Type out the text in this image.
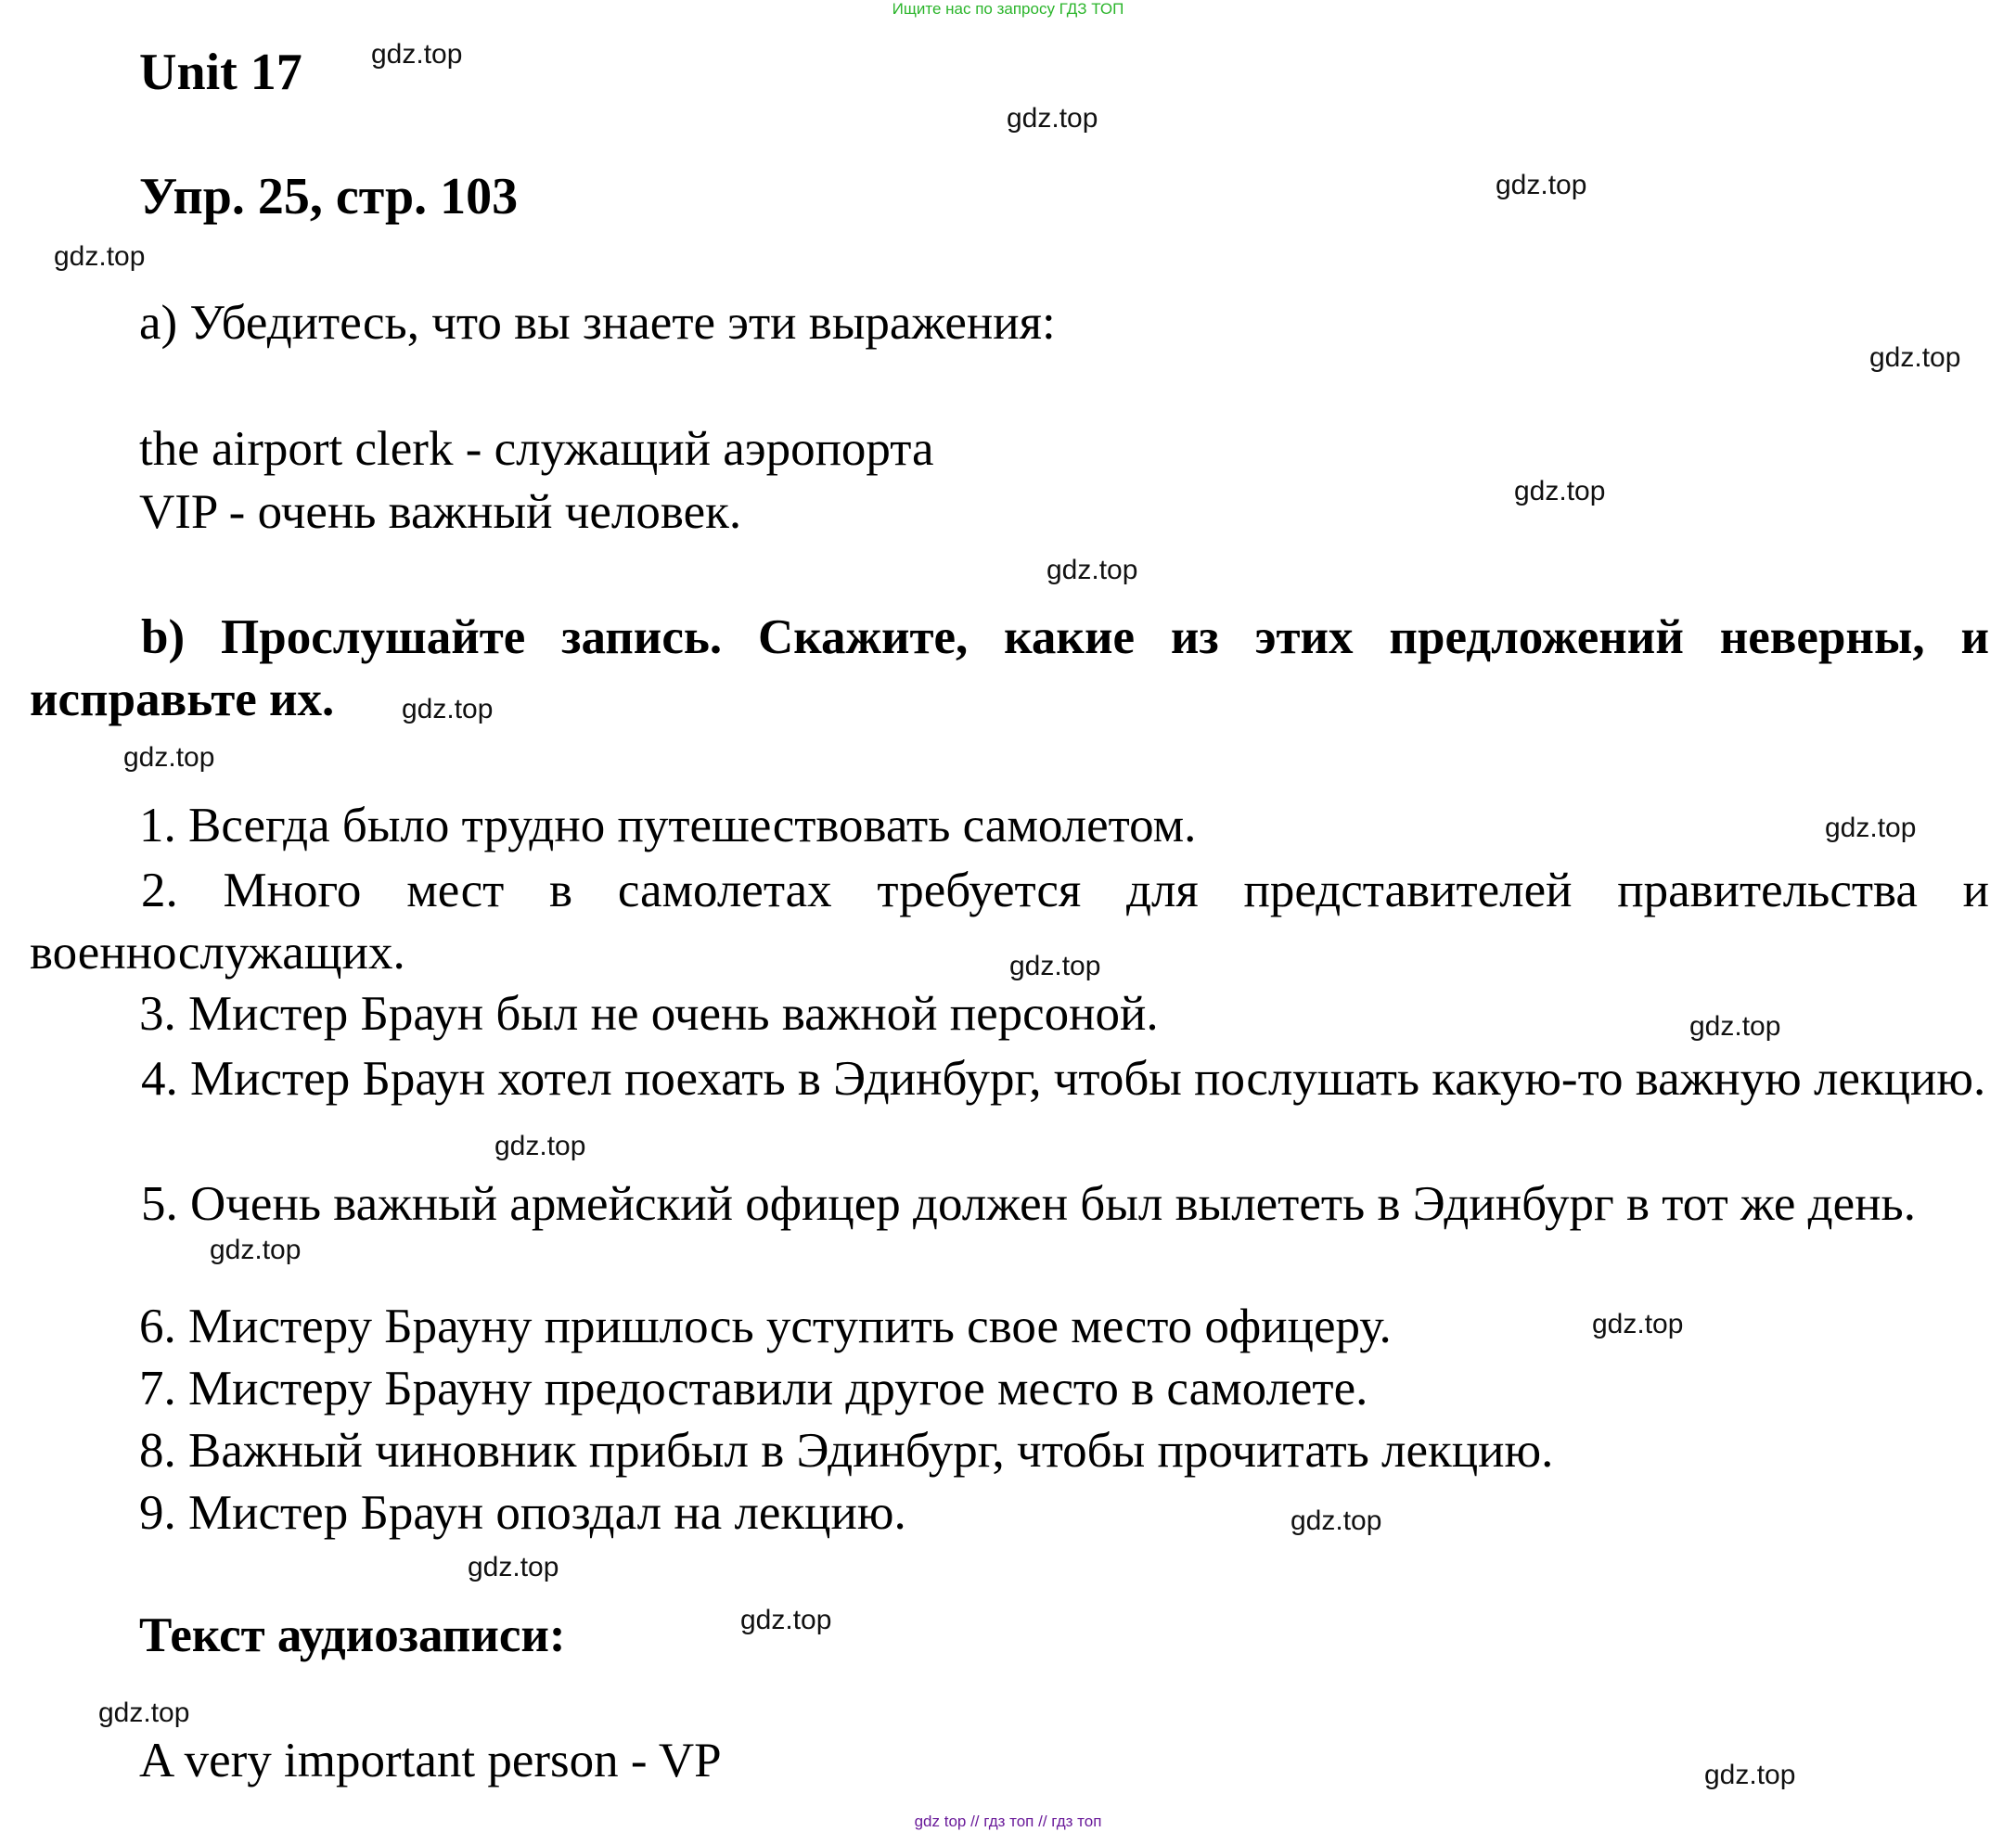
Ищите нас по запросу ГДЗ ТОП
Unit 17
Упр. 25, стр. 103
a) Убедитесь, что вы знаете эти выражения:
the airport clerk - служащий аэропорта
VIP - очень важный человек.
b) Прослушайте запись. Скажите, какие из этих предложений неверны, и исправьте их.
1. Всегда было трудно путешествовать самолетом.
2. Много мест в самолетах требуется для представителей правительства и военнослужащих.
3. Мистер Браун был не очень важной персоной.
4. Мистер Браун хотел поехать в Эдинбург, чтобы послушать какую-то важную лекцию.
5. Очень важный армейский офицер должен был вылететь в Эдинбург в тот же день.
6. Мистеру Брауну пришлось уступить свое место офицеру.
7. Мистеру Брауну предоставили другое место в самолете.
8. Важный чиновник прибыл в Эдинбург, чтобы прочитать лекцию.
9. Мистер Браун опоздал на лекцию.
Текст аудиозаписи:
A very important person - VP
gdz.top
gdz.top
gdz.top
gdz.top
gdz.top
gdz.top
gdz.top
gdz.top
gdz.top
gdz.top
gdz.top
gdz.top
gdz.top
gdz.top
gdz.top
gdz.top
gdz.top
gdz.top
gdz.top
gdz.top
gdz top // гдз топ // гдз топ
